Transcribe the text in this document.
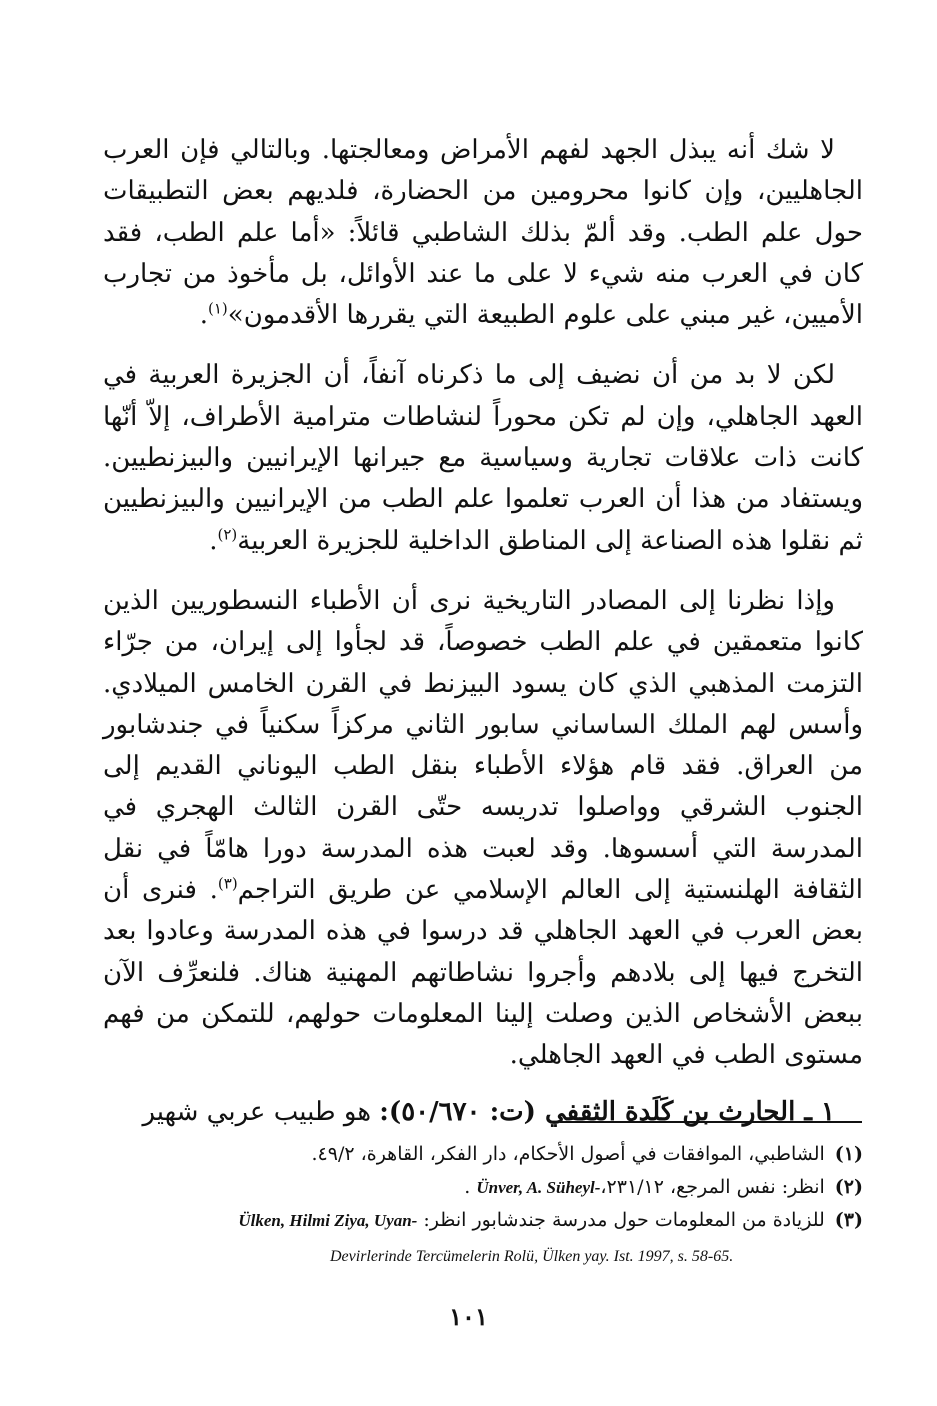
لا شك أنه يبذل الجهد لفهم الأمراض ومعالجتها. وبالتالي فإن العرب الجاهليين، وإن كانوا محرومين من الحضارة، فلديهم بعض التطبيقات حول علم الطب. وقد ألمّ بذلك الشاطبي قائلاً: «أما علم الطب، فقد كان في العرب منه شيء لا على ما عند الأوائل، بل مأخوذ من تجارب الأميين، غير مبني على علوم الطبيعة التي يقررها الأقدمون»$^{(١)}$.

لكن لا بد من أن نضيف إلى ما ذكرناه آنفاً، أن الجزيرة العربية في العهد الجاهلي، وإن لم تكن محوراً لنشاطات مترامية الأطراف، إلاّ أنّها كانت ذات علاقات تجارية وسياسية مع جيرانها الإيرانيين والبيزنطيين. ويستفاد من هذا أن العرب تعلموا علم الطب من الإيرانيين والبيزنطيين ثم نقلوا هذه الصناعة إلى المناطق الداخلية للجزيرة العربية$^{(٢)}$.

وإذا نظرنا إلى المصادر التاريخية نرى أن الأطباء النسطوريين الذين كانوا متعمقين في علم الطب خصوصاً، قد لجأوا إلى إيران، من جرّاء التزمت المذهبي الذي كان يسود البيزنط في القرن الخامس الميلادي. وأسس لهم الملك الساساني سابور الثاني مركزاً سكنياً في جندشابور من العراق. فقد قام هؤلاء الأطباء بنقل الطب اليوناني القديم إلى الجنوب الشرقي وواصلوا تدريسه حتّى القرن الثالث الهجري في المدرسة التي أسسوها. وقد لعبت هذه المدرسة دورا هامّاً في نقل الثقافة الهلنستية إلى العالم الإسلامي عن طريق التراجم$^{(٣)}$. فنرى أن بعض العرب في العهد الجاهلي قد درسوا في هذه المدرسة وعادوا بعد التخرج فيها إلى بلادهم وأجروا نشاطاتهم المهنية هناك. فلنعرِّف الآن ببعض الأشخاص الذين وصلت إلينا المعلومات حولهم، للتمكن من فهم مستوى الطب في العهد الجاهلي.

١ ـ الحارث بن كَلَدة الثقفي (ت: ٥٠/٦٧٠): هو طبيب عربي شهير

(١)الشاطبي، الموافقات في أصول الأحكام، دار الفكر، القاهرة، ٤٩/٢.
(٢)انظر: نفس المرجع، ٢٣١/١٢،Ünver, A. Süheyl- .
(٣)للزيادة من المعلومات حول مدرسة جندشابور انظر: Ülken, Hilmi Ziya, Uyan-
Devirlerinde Tercümelerin Rolü, Ülken yay. Ist. 1997, s. 58-65.
١٠١
